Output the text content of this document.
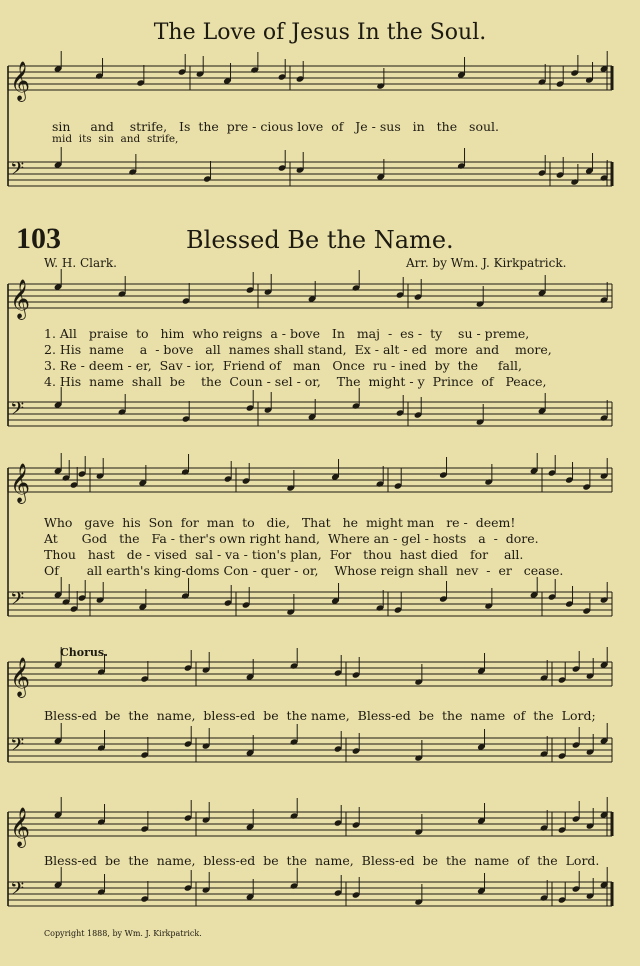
The Love of Jesus In the Soul.
sin     and    strife,   Is  the  pre - cious love  of   Je - sus   in   the   soul.
mid  its  sin  and  strife,
103	Blessed Be the Name.
W. H. Clark.	Arr. by Wm. J. Kirkpatrick.
1. All   praise  to   him  who reigns  a - bove   In   maj  -  es -  ty    su - preme,
2. His  name    a  - bove   all  names shall stand,  Ex - alt - ed  more  and    more,
3. Re - deem - er,  Sav - ior,  Friend of   man   Once  ru - ined  by  the     fall,
4. His  name  shall  be    the  Coun - sel - or,    The  might - y  Prince  of   Peace,
Who   gave  his  Son  for  man  to   die,   That   he  might man   re -  deem!
At      God   the   Fa - ther's own right hand,  Where an - gel - hosts   a  -  dore.
Thou   hast   de - vised  sal - va - tion's plan,  For   thou  hast died   for    all.
Of       all earth's king-doms Con - quer - or,    Whose reign shall  nev  -  er   cease.
Chorus.
Bless-ed  be  the  name,  bless-ed  be  the name,  Bless-ed  be  the  name  of  the  Lord;
Bless-ed  be  the  name,  bless-ed  be  the  name,  Bless-ed  be  the  name  of  the  Lord.
Copyright 1888, by Wm. J. Kirkpatrick.
𝄞
𝄢
𝄞
𝄢
𝄞
𝄢
𝄞
𝄢
𝄞
𝄢
